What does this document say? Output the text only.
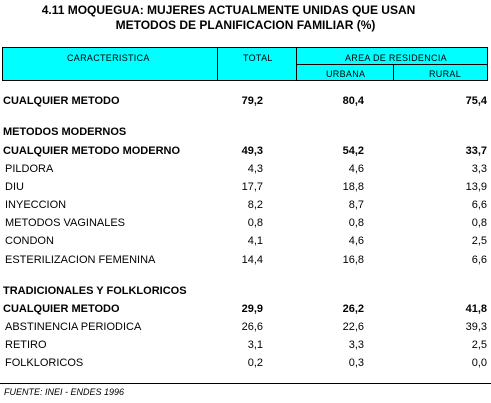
4.11 MOQUEGUA: MUJERES ACTUALMENTE UNIDAS QUE USAN
METODOS DE PLANIFICACION FAMILIAR (%)
CARACTERISTICA	TOTAL	AREA DE RESIDENCIA
URBANA	RURAL
CUALQUIER METODO	79,2	80,4	75,4
METODOS MODERNOS
CUALQUIER METODO MODERNO	49,3	54,2	33,7
PILDORA	4,3	4,6	3,3
DIU	17,7	18,8	13,9
INYECCION	8,2	8,7	6,6
METODOS VAGINALES	0,8	0,8	0,8
CONDON	4,1	4,6	2,5
ESTERILIZACION FEMENINA	14,4	16,8	6,6
TRADICIONALES Y FOLKLORICOS
CUALQUIER METODO	29,9	26,2	41,8
ABSTINENCIA PERIODICA	26,6	22,6	39,3
RETIRO	3,1	3,3	2,5
FOLKLORICOS	0,2	0,3	0,0
FUENTE: INEI - ENDES 1996
